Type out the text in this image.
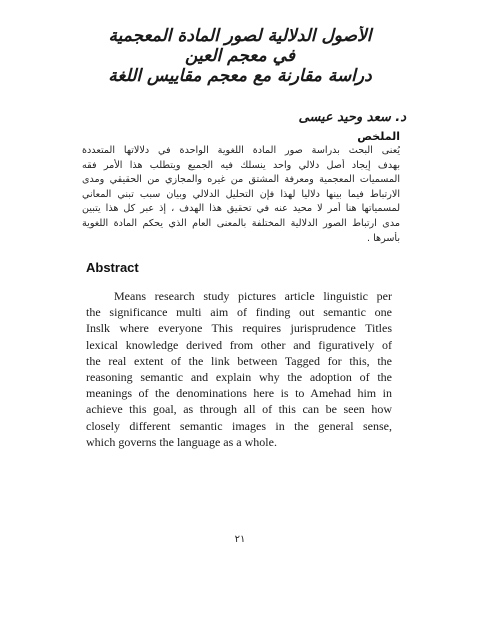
الأصول الدلالية لصور المادة المعجمية
في معجم العين
دراسة مقارنة مع معجم مقاييس اللغة
د. سعد وحيد عيسى
الملخص
يُعنى البحث بدراسة صور المادة اللغوية الواحدة في دلالاتها المتعددة
بهدف إيجاد أصل دلالي واحد ينسلك فيه الجميع ويتطلب هذا الأمر فقه
المسميات المعجمية ومعرفة المشتق من غيره والمجازي من الحقيقي ومدى
الارتباط فيما بينها دلاليا لهذا فإن التحليل الدلالي وبيان سبب تبني المعاني
لمسمياتها هنا أمر لا محيد عنه في تحقيق هذا الهدف ، إذ عبر كل هذا يتبين
مدى ارتباط الصور الدلالية المختلفة بالمعنى العام الذي يحكم المادة اللغوية
بأسرها .
Abstract
Means research study pictures article linguistic per
the significance multi aim of finding out semantic one
Inslk where everyone This requires jurisprudence Titles
lexical knowledge derived from other and figuratively of
the real extent of the link between Tagged for this, the
reasoning semantic and explain why the adoption of the
meanings of the denominations here is to Amehad him in
achieve this goal, as through all of this can be seen how
closely different semantic images in the general sense,
which governs the language as a whole.
٢١
